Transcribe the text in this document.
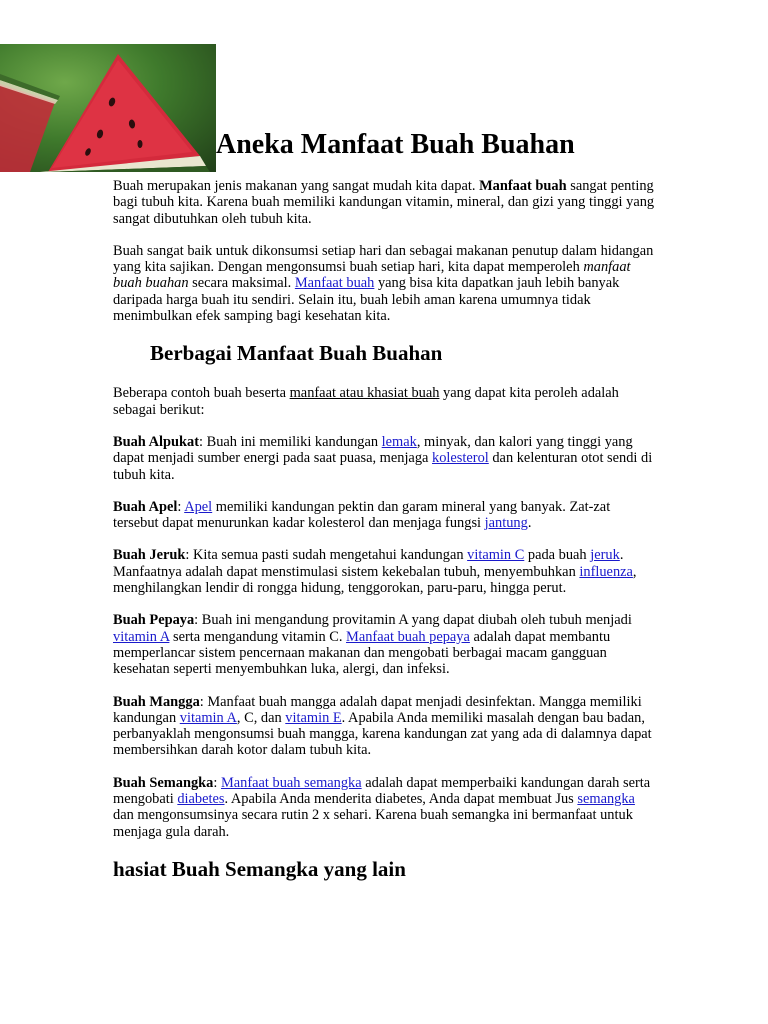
Aneka Manfaat Buah Buahan

Buah merupakan jenis makanan yang sangat mudah kita dapat. Manfaat buah sangat penting bagi tubuh kita. Karena buah memiliki kandungan vitamin, mineral, dan gizi yang tinggi yang sangat dibutuhkan oleh tubuh kita.

Buah sangat baik untuk dikonsumsi setiap hari dan sebagai makanan penutup dalam hidangan yang kita sajikan. Dengan mengonsumsi buah setiap hari, kita dapat memperoleh manfaat buah buahan secara maksimal. Manfaat buah yang bisa kita dapatkan jauh lebih banyak daripada harga buah itu sendiri. Selain itu, buah lebih aman karena umumnya tidak menimbulkan efek samping bagi kesehatan kita.

Berbagai Manfaat Buah Buahan

Beberapa contoh buah beserta manfaat atau khasiat buah yang dapat kita peroleh adalah sebagai berikut:

Buah Alpukat: Buah ini memiliki kandungan lemak, minyak, dan kalori yang tinggi yang dapat menjadi sumber energi pada saat puasa, menjaga kolesterol dan kelenturan otot sendi di tubuh kita.

Buah Apel: Apel memiliki kandungan pektin dan garam mineral yang banyak. Zat-zat tersebut dapat menurunkan kadar kolesterol dan menjaga fungsi jantung.

Buah Jeruk: Kita semua pasti sudah mengetahui kandungan vitamin C pada buah jeruk. Manfaatnya adalah dapat menstimulasi sistem kekebalan tubuh, menyembuhkan influenza, menghilangkan lendir di rongga hidung, tenggorokan, paru-paru, hingga perut.

Buah Pepaya: Buah ini mengandung provitamin A yang dapat diubah oleh tubuh menjadi vitamin A serta mengandung vitamin C. Manfaat buah pepaya adalah dapat membantu memperlancar sistem pencernaan makanan dan mengobati berbagai macam gangguan kesehatan seperti menyembuhkan luka, alergi, dan infeksi.

Buah Mangga: Manfaat buah mangga adalah dapat menjadi desinfektan. Mangga memiliki kandungan vitamin A, C, dan vitamin E. Apabila Anda memiliki masalah dengan bau badan, perbanyaklah mengonsumsi buah mangga, karena kandungan zat yang ada di dalamnya dapat membersihkan darah kotor dalam tubuh kita.

Buah Semangka: Manfaat buah semangka adalah dapat memperbaiki kandungan darah serta mengobati diabetes. Apabila Anda menderita diabetes, Anda dapat membuat Jus semangka dan mengonsumsinya secara rutin 2 x sehari. Karena buah semangka ini bermanfaat untuk menjaga gula darah.

hasiat Buah Semangka yang lain
